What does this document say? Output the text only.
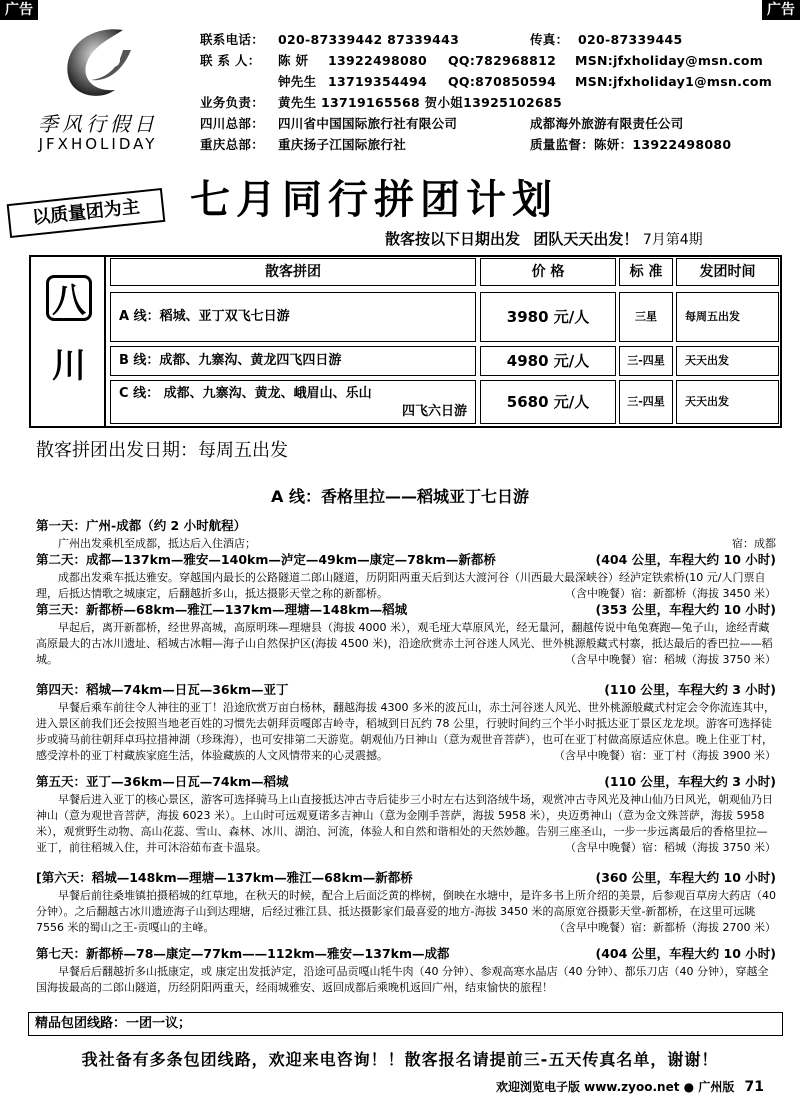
广告	广告
季风行假日
JFXHOLIDAY
联系电话： 020-87339442 87339443	传真： 020-87339445
联 系 人： 陈 妍 13922498080 QQ:782968812 MSN:jfxholiday@msn.com
钟先生 13719354494 QQ:870850594 MSN:jfxholiday1@msn.com
业务负责： 黄先生 13719165568 贺小姐13925102685
四川总部： 四川省中国国际旅行社有限公司	成都海外旅游有限责任公司
重庆总部： 重庆扬子江国际旅行社	质量监督：陈妍：13922498080
以质量团为主	七月同行拼团计划
散客按以下日期出发 团队天天出发！ 7月第4期
八
川
散客拼团	价 格	标 准	发团时间
A 线：稻城、亚丁双飞七日游	3980 元/人	三星	每周五出发
B 线：成都、九寨沟、黄龙四飞四日游	4980 元/人	三-四星	天天出发
C 线： 成都、九寨沟、黄龙、峨眉山、乐山
四飞六日游
5680 元/人	三-四星	天天出发
散客拼团出发日期：每周五出发
A 线：香格里拉——稻城亚丁七日游
第一天：广州-成都（约 2 小时航程）
广州出发乘机至成都，抵达后入住酒店；	宿：成都
第二天：成都—137km—雅安—140km—泸定—49km—康定—78km—新都桥	(404 公里，车程大约 10 小时)
成都出发乘车抵达雅安。穿越国内最长的公路隧道二郎山隧道，历阴阳两重天后到达大渡河谷（川西最大最深峡谷）经泸定铁索桥(10 元/人门票自理，后抵达情歌之城康定，后翻越折多山，抵达摄影天堂之称的新都桥。	（含中晚餐）宿：新都桥（海拔 3450 米）
第三天：新都桥—68km—雅江—137km—理塘—148km—稻城	(353 公里，车程大约 10 小时)
早起后，离开新都桥，经世界高城，高原明珠—理塘县（海拔 4000 米），观毛垭大草原风光，经无量河，翻越传说中龟兔赛跑—兔子山，途经青藏高原最大的古冰川遗址、稻城古冰帽—海子山自然保护区(海拔 4500 米)，沿途欣赏赤土河谷迷人风光、世外桃源般藏式村寨，抵达最后的香巴拉——稻城。	（含早中晚餐）宿：稻城（海拔 3750 米）
第四天：稻城—74km—日瓦—36km—亚丁	(110 公里，车程大约 3 小时)
早餐后乘车前往令人神往的亚丁！沿途欣赏万亩白杨林，翻越海拔 4300 多米的波瓦山，赤土河谷迷人风光、世外桃源般藏式村定会令你流连其中，进入景区前我们还会按照当地老百姓的习惯先去朝拜贡嘎郎吉岭寺，稻城到日瓦约 78 公里，行驶时间约三个半小时抵达亚丁景区龙龙坝。游客可选择徒步或骑马前往朝拜卓玛拉措神湖（珍珠海），也可安排第二天游览。朝观仙乃日神山（意为观世音菩萨），也可在亚丁村做高原适应休息。晚上住亚丁村，感受淳朴的亚丁村藏族家庭生活，体验藏族的人文风情带来的心灵震撼。	（含早中晚餐）宿：亚丁村（海拔 3900 米）
第五天：亚丁—36km—日瓦—74km—稻城	(110 公里，车程大约 3 小时)
早餐后进入亚丁的核心景区，游客可选择骑马上山直接抵达冲古寺后徒步三小时左右达到洛绒牛场，观赏冲古寺风光及神山仙乃日风光，朝观仙乃日神山（意为观世音菩萨，海拔 6023 米）。上山时可远观夏诺多吉神山（意为金刚手菩萨，海拔 5958 米），央迈勇神山（意为金文殊菩萨，海拔 5958 米），观赏野生动物、高山花蕊、雪山、森林、冰川、湖泊、河流，体验人和自然和谐相处的天然妙趣。告别三座圣山，一步一步远离最后的香格里拉—亚丁，前往稻城入住，并可沐浴茹布查卡温泉。	（含早中晚餐）宿：稻城（海拔 3750 米）
[第六天：稻城—148km—理塘—137km—雅江—68km—新都桥	(360 公里，车程大约 10 小时)
早餐后前往桑堆镇拍摄稻城的红草地，在秋天的时候，配合上后面泛黄的桦树，倒映在水塘中，是许多书上所介绍的美景，后参观百草房大药店（40 分钟）。之后翻越古冰川遗迹海子山到达理塘，后经过雅江县、抵达摄影家们最喜爱的地方-海拔 3450 米的高原宽谷摄影天堂-新都桥，在这里可远眺 7556 米的蜀山之王-贡嘎山的主峰。	（含早中晚餐）宿：新都桥（海拔 2700 米）
第七天：新都桥—78—康定—77km——112km—雅安—137km—成都	(404 公里，车程大约 10 小时)
早餐后后翻越折多山抵康定，或 康定出发抵泸定，沿途可品贡嘎山牦牛肉（40 分钟）、参观高寒水晶店（40 分钟）、都乐刀店（40 分钟），穿越全国海拔最高的二郎山隧道，历经阴阳两重天，经雨城雅安、返回成都后乘晚机返回广州，结束愉快的旅程！
精品包团线路：一团一议；
我社备有多条包团线路，欢迎来电咨询！！散客报名请提前三-五天传真名单，谢谢！
欢迎浏览电子版 www.zyoo.net ● 广州版 71
